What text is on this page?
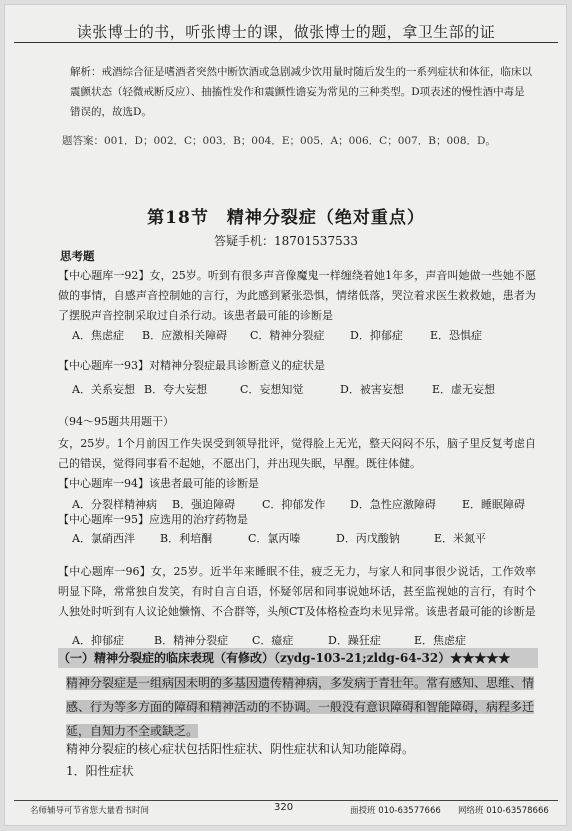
读张博士的书，听张博士的课，做张博士的题，拿卫生部的证
解析：戒酒综合征是嗜酒者突然中断饮酒或急剧减少饮用量时随后发生的一系列症状和体征，临床以震颤状态（轻微戒断反应）、抽搐性发作和震颤性谵妄为常见的三种类型。D项表述的慢性酒中毒是错误的，故选D。
题答案：001．D；002．C；003．B；004．E；005．A；006．C；007．B；008．D。
第18节　精神分裂症（绝对重点）
答疑手机：18701537533
思考题
【中心题库一92】女，25岁。听到有很多声音像魔鬼一样缠绕着她1年多，声音叫她做一些她不愿做的事情，自感声音控制她的言行，为此感到紧张恐惧，情绪低落，哭泣着求医生救救她，患者为了摆脱声音控制采取过自杀行动。该患者最可能的诊断是
A．焦虑症	B．应激相关障碍	C．精神分裂症	D．抑郁症	E．恐惧症
【中心题库一93】对精神分裂症最具诊断意义的症状是
A．关系妄想 B．夸大妄想	C．妄想知觉	D．被害妄想	E．虚无妄想
（94～95题共用题干）
女，25岁。1个月前因工作失误受到领导批评，觉得脸上无光，整天闷闷不乐，脑子里反复考虑自己的错误，觉得同事看不起她，不愿出门，并出现失眠，早醒。既往体健。
【中心题库一94】该患者最可能的诊断是
A．分裂样精神病	B．强迫障碍	C．抑郁发作	D．急性应激障碍	E．睡眠障碍
【中心题库一95】应选用的治疗药物是
A．氯硝西泮	B．利培酮	C．氯丙嗪	D．丙戊酸钠	E．米氮平
【中心题库一96】女，25岁。近半年来睡眠不佳，疲乏无力，与家人和同事很少说话，工作效率明显下降，常常独自发笑，有时自言自语，怀疑邻居和同事说她坏话，甚至监视她的言行，有时个人独处时听到有人议论她懒惰、不合群等，头颅CT及体格检查均未见异常。该患者最可能的诊断是
A．抑郁症	B．精神分裂症	C．癔症	D．躁狂症	E．焦虑症
（一）精神分裂症的临床表现（有修改）（zydg-103-21;zldg-64-32）★★★★★
精神分裂症是一组病因未明的多基因遗传精神病，多发病于青壮年。常有感知、思维、情感、行为等多方面的障碍和精神活动的不协调。一般没有意识障碍和智能障碍，病程多迁延，自知力不全或缺乏。
精神分裂症的核心症状包括阳性症状、阴性症状和认知功能障碍。
1．阳性症状
名师辅导可节省您大量看书时间	320	面授班 010-63577666 网络班 010-63578666
